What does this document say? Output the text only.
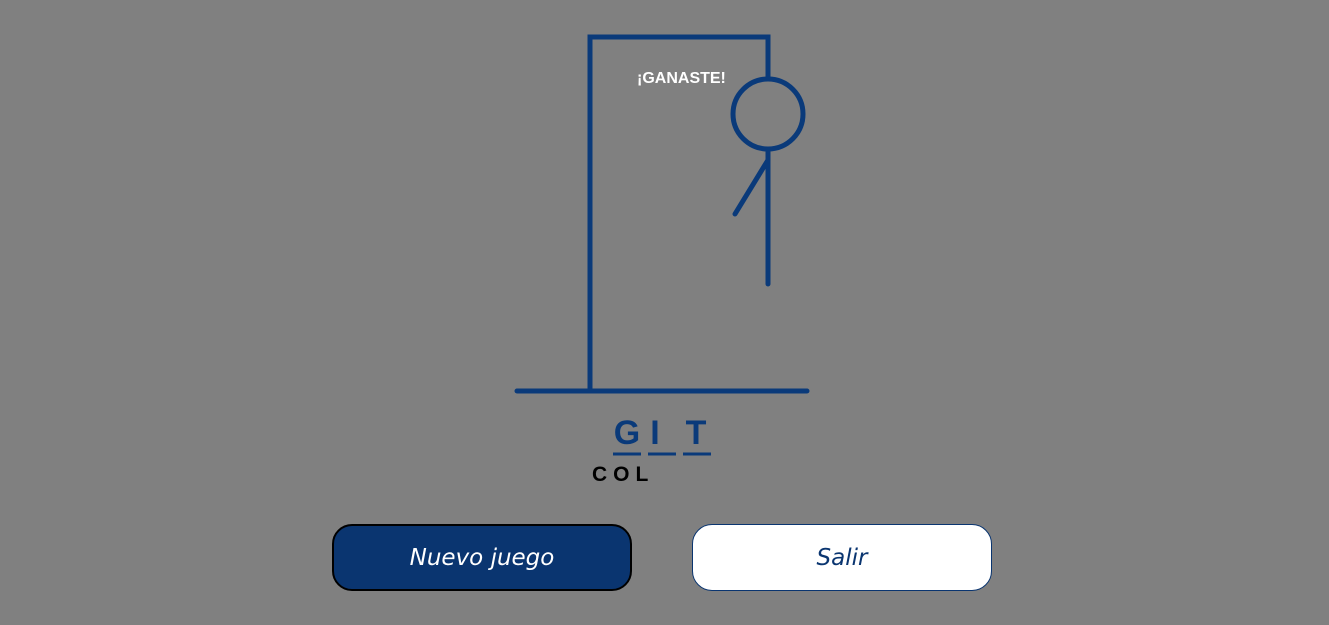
¡GANASTE!
G I T
COL
Nuevo juego	Salir
